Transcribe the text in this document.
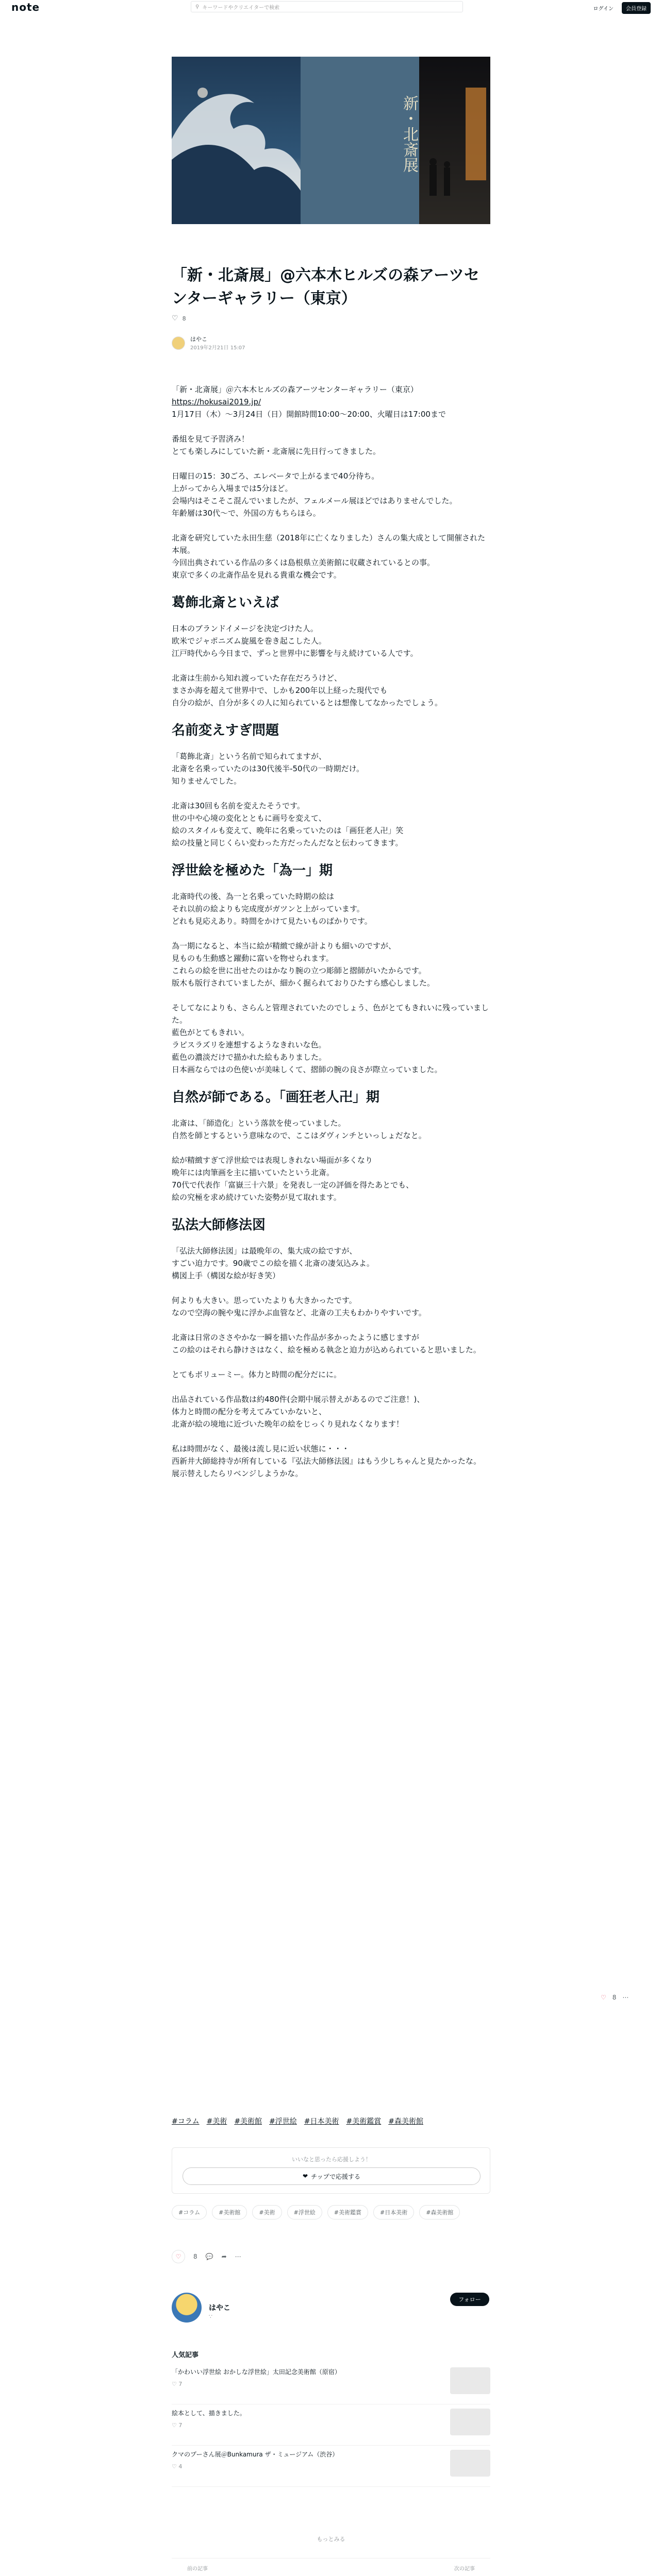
note	⚲ キーワードやクリエイターで検索	ログイン	会員登録
新・北斎展
「新・北斎展」@六本木ヒルズの森アーツセンターギャラリー（東京）
♡ 8
はやこ
2019年2月21日 15:07

「新・北斎展」＠六本木ヒルズの森アーツセンターギャラリー（東京）

https://hokusai2019.jp/

1月17日（木）〜3月24日（日）開館時間10:00〜20:00、火曜日は17:00まで

番組を見て予習済み！
とても楽しみにしていた新・北斎展に先日行ってきました。

日曜日の15：30ごろ、エレベータで上がるまで40分待ち。
上がってから入場までは5分ほど。
会場内はそこそこ混んでいましたが、フェルメール展ほどではありませんでした。
年齢層は30代〜で、外国の方もちらほら。

北斎を研究していた永田生慈（2018年に亡くなりました）さんの集大成として開催された本展。
今回出典されている作品の多くは島根県立美術館に収蔵されているとの事。
東京で多くの北斎作品を見れる貴重な機会です。

葛飾北斎といえば

日本のブランドイメージを決定づけた人。
欧米でジャポニズム旋風を巻き起こした人。
江戸時代から今日まで、ずっと世界中に影響を与え続けている人です。

北斎は生前から知れ渡っていた存在だろうけど、
まさか海を超えて世界中で、しかも200年以上経った現代でも
自分の絵が、自分が多くの人に知られているとは想像してなかったでしょう。

名前変えすぎ問題

「葛飾北斎」という名前で知られてますが、
北斎を名乗っていたのは30代後半-50代の一時期だけ。
知りませんでした。

北斎は30回も名前を変えたそうです。
世の中や心境の変化とともに画号を変えて、
絵のスタイルも変えて、晩年に名乗っていたのは「画狂老人卍」笑
絵の技量と同じくらい変わった方だったんだなと伝わってきます。

浮世絵を極めた「為一」期

北斎時代の後、為一と名乗っていた時期の絵は
それ以前の絵よりも完成度がガツンと上がっています。
どれも見応えあり。時間をかけて見たいものばかりです。

為一期になると、本当に絵が精緻で線が計よりも細いのですが、
見ものも生動感と躍動に富いを物せられます。
これらの絵を世に出せたのはかなり腕の立つ彫師と摺師がいたからです。
版木も版行されていましたが、細かく掘られておりひたすら感心しました。

そしてなによりも、さらんと管理されていたのでしょう、色がとてもきれいに残っていました。
藍色がとてもきれい。
ラピスラズリを連想するようなきれいな色。
藍色の濃淡だけで描かれた絵もありました。
日本画ならではの色使いが美味しくて、摺師の腕の良さが際立っていました。

自然が師である。「画狂老人卍」期

北斎は、「師造化」という落款を使っていました。
自然を師とするという意味なので、ここはダヴィンチといっしょだなと。

絵が精緻すぎて浮世絵では表現しきれない場面が多くなり
晩年には肉筆画を主に描いていたという北斎。
70代で代表作「富嶽三十六景」を発表し一定の評価を得たあとでも、
絵の究極を求め続けていた姿勢が見て取れます。

弘法大師修法図

「弘法大師修法図」は最晩年の、集大成の絵ですが、
すごい迫力です。90歳でこの絵を描く北斎の凄気込みよ。
構図上手（構図な絵が好き笑）

何よりも大きい。思っていたよりも大きかったです。
なので空海の腕や鬼に浮かぶ血管など、北斎の工夫もわかりやすいです。

北斎は日常のささやかな一瞬を描いた作品が多かったように感じますが
この絵のはそれら静けさはなく、絵を極める執念と迫力が込められていると思いました。

とてもボリューミー。体力と時間の配分だにに。

出品されている作品数は約480件(会期中展示替えがあるのでご注意！)、
体力と時間の配分を考えてみていかないと、
北斎が絵の境地に近づいた晩年の絵をじっくり見れなくなります！

私は時間がなく、最後は流し見に近い状態に・・・
西新井大師総持寺が所有している『弘法大師修法図』はもう少しちゃんと見たかったな。
展示替えしたらリベンジしようかな。

#コラム #美術 #美術館 #浮世絵 #日本美術 #美術鑑賞 #森美術館
いいなと思ったら応援しよう！
❤ チップで応援する
#コラム	#美術館	#美術	#浮世絵	#美術鑑賞	#日本美術	#森美術館
♡ 8 💬 ➦ ⋯
♡ 8 ⋯
はやこ
フォロー
∵
人気記事
「かわいい浮世絵 おかしな浮世絵」太田記念美術館（原宿）
♡ 7
絵本として、描きました。
♡ 7
クマのプーさん展＠Bunkamura ザ・ミュージアム（渋谷）
♡ 4
もっとみる
前の記事	次の記事
